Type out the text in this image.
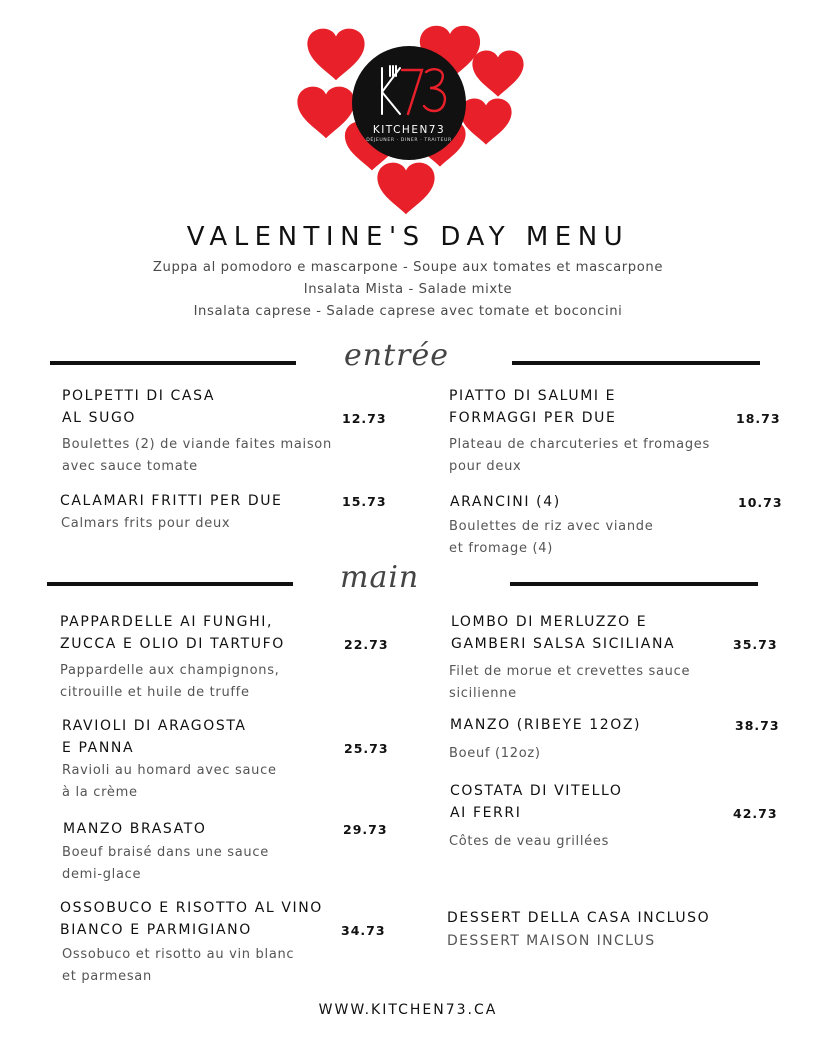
KITCHEN73
DÉJEUNER · DINER · TRAITEUR
VALENTINE'S DAY MENU
Zuppa al pomodoro e mascarpone - Soupe aux tomates et mascarpone
Insalata Mista - Salade mixte
Insalata caprese - Salade caprese avec tomate et boconcini
entrée
POLPETTI DI CASA
AL SUGO	12.73
Boulettes (2) de viande faites maison
avec sauce tomate
CALAMARI FRITTI PER DUE	15.73
Calmars frits pour deux
PIATTO DI SALUMI E
FORMAGGI PER DUE	18.73
Plateau de charcuteries et fromages
pour deux
ARANCINI (4)	10.73
Boulettes de riz avec viande
et fromage (4)
main
PAPPARDELLE AI FUNGHI,
ZUCCA E OLIO DI TARTUFO	22.73
Pappardelle aux champignons,
citrouille et huile de truffe
RAVIOLI DI ARAGOSTA
E PANNA	25.73
Ravioli au homard avec sauce
à la crème
MANZO BRASATO	29.73
Boeuf braisé dans une sauce
demi-glace
OSSOBUCO E RISOTTO AL VINO
BIANCO E PARMIGIANO	34.73
Ossobuco et risotto au vin blanc
et parmesan
LOMBO DI MERLUZZO E
GAMBERI SALSA SICILIANA	35.73
Filet de morue et crevettes sauce
sicilienne
MANZO (RIBEYE 12OZ)	38.73
Boeuf (12oz)
COSTATA DI VITELLO
AI FERRI	42.73
Côtes de veau grillées
DESSERT DELLA CASA INCLUSO
DESSERT MAISON INCLUS
WWW.KITCHEN73.CA
